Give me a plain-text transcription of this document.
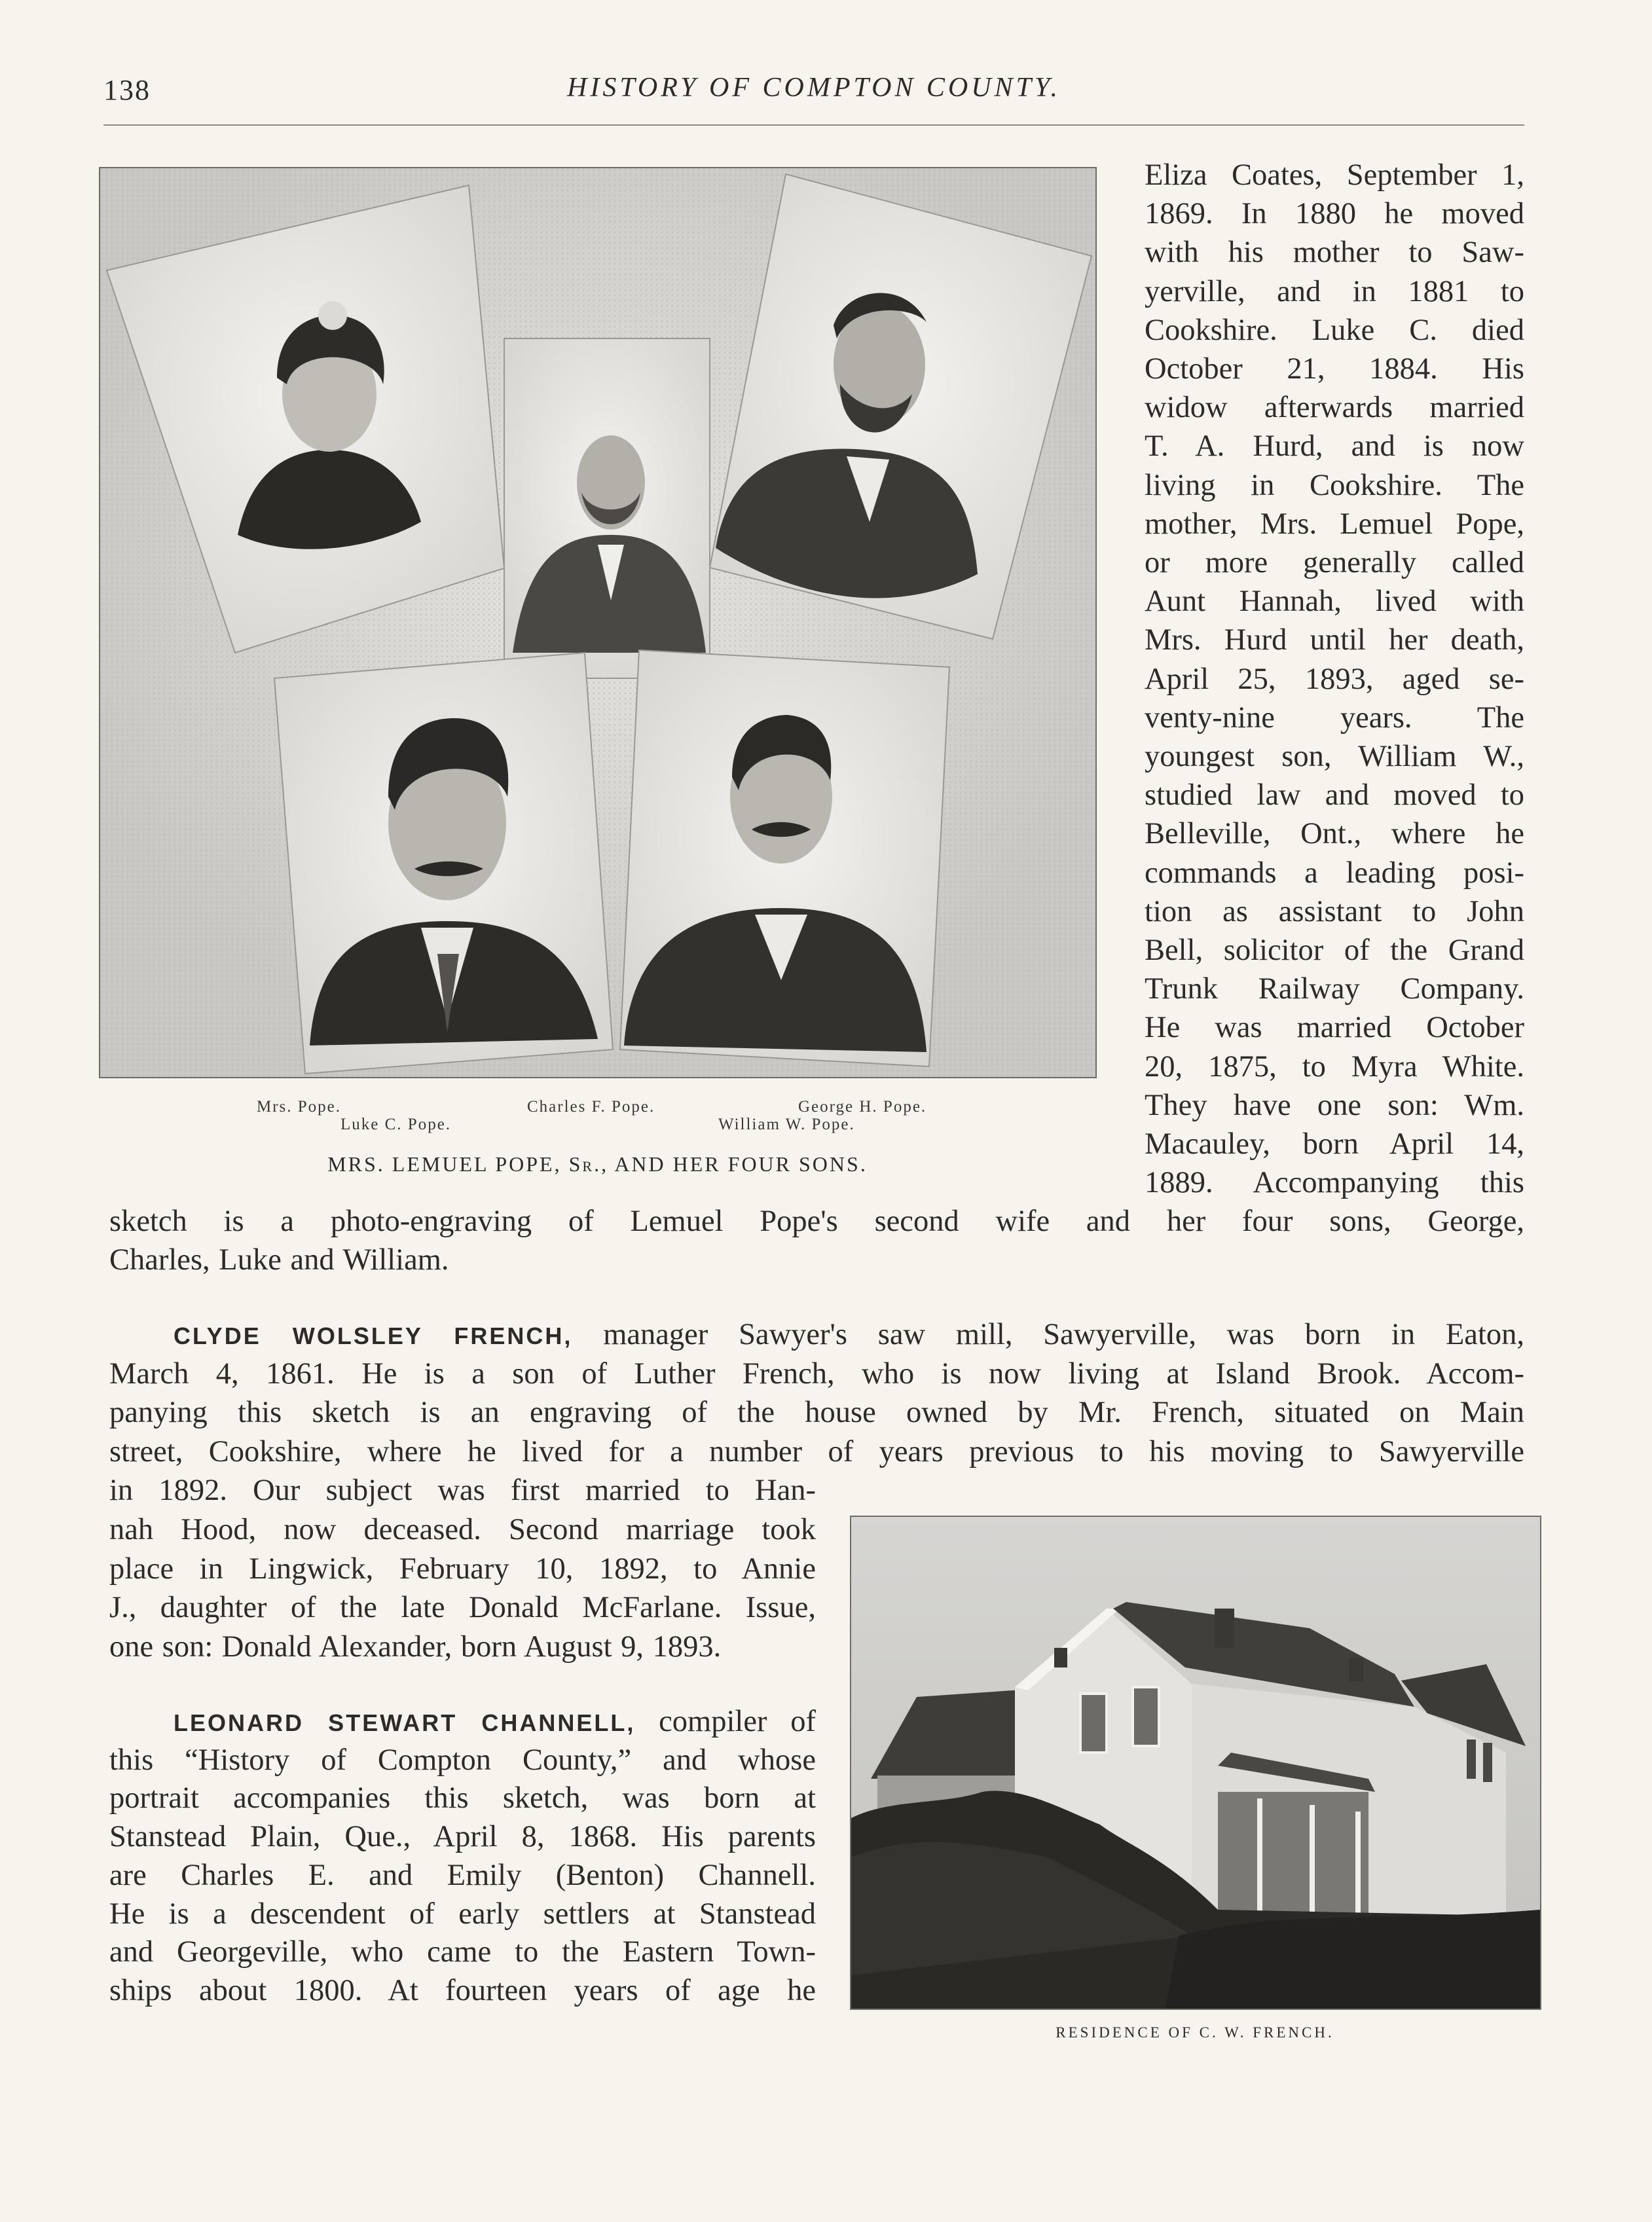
138	HISTORY OF COMPTON COUNTY.
Mrs. Pope.
Luke C. Pope.
Charles F. Pope.
William W. Pope.
George H. Pope.
MRS. LEMUEL POPE, Sr., AND HER FOUR SONS.
RESIDENCE OF C. W. FRENCH.
Eliza Coates, September 1,
1869. In 1880 he moved
with his mother to Saw-
yerville, and in 1881 to
Cookshire. Luke C. died
October 21, 1884. His
widow afterwards married
T. A. Hurd, and is now
living in Cookshire. The
mother, Mrs. Lemuel Pope,
or more generally called
Aunt Hannah, lived with
Mrs. Hurd until her death,
April 25, 1893, aged se-
venty-nine years. The
youngest son, William W.,
studied law and moved to
Belleville, Ont., where he
commands a leading posi-
tion as assistant to John
Bell, solicitor of the Grand
Trunk Railway Company.
He was married October
20, 1875, to Myra White.
They have one son: Wm.
Macauley, born April 14,
1889. Accompanying this
sketch is a photo-engraving of Lemuel Pope's second wife and her four sons, George,
Charles, Luke and William.
CLYDE WOLSLEY FRENCH, manager Sawyer's saw mill, Sawyerville, was born in Eaton,
March 4, 1861. He is a son of Luther French, who is now living at Island Brook. Accom-
panying this sketch is an engraving of the house owned by Mr. French, situated on Main
street, Cookshire, where he lived for a number of years previous to his moving to Sawyerville
in 1892. Our subject was first married to Han-
nah Hood, now deceased. Second marriage took
place in Lingwick, February 10, 1892, to Annie
J., daughter of the late Donald McFarlane. Issue,
one son: Donald Alexander, born August 9, 1893.
LEONARD STEWART CHANNELL, compiler of
this “History of Compton County,” and whose
portrait accompanies this sketch, was born at
Stanstead Plain, Que., April 8, 1868. His parents
are Charles E. and Emily (Benton) Channell.
He is a descendent of early settlers at Stanstead
and Georgeville, who came to the Eastern Town-
ships about 1800. At fourteen years of age he
